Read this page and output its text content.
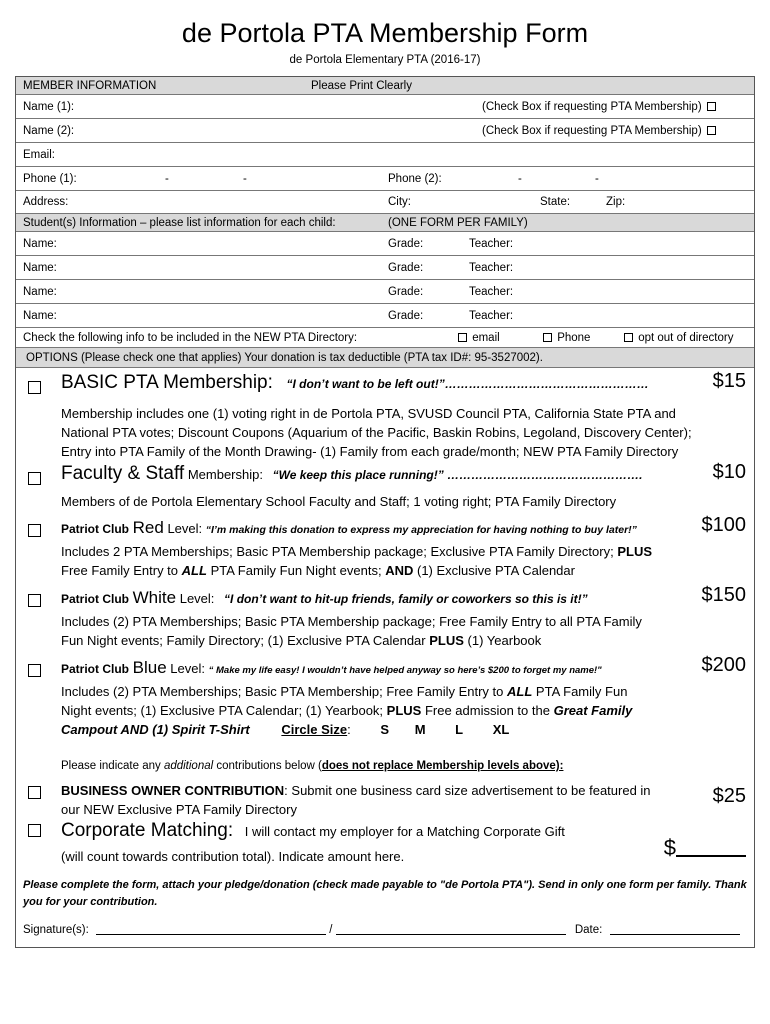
de Portola PTA Membership Form
de Portola Elementary PTA (2016-17)
MEMBER INFORMATION	Please Print Clearly
Name (1):	(Check Box if requesting PTA Membership)
Name (2):	(Check Box if requesting PTA Membership)
Email:
Phone (1):	-	-	Phone (2):	-	-
Address:	City:	State:	Zip:
Student(s) Information – please list information for each child:	(ONE FORM PER FAMILY)
Name:	Grade:	Teacher:
Name:	Grade:	Teacher:
Name:	Grade:	Teacher:
Name:	Grade:	Teacher:
Check the following info to be included in the NEW PTA Directory:	email	Phone	opt out of directory
OPTIONS (Please check one that applies) Your donation is tax deductible (PTA tax ID#: 95-3527002).
BASIC PTA Membership: “I don’t want to be left out!”……………………………………………	$15
Membership includes one (1) voting right in de Portola PTA, SVUSD Council PTA, California State PTA and
National PTA votes; Discount Coupons (Aquarium of the Pacific, Baskin Robins, Legoland, Discovery Center);
Entry into PTA Family of the Month Drawing- (1) Family from each grade/month; NEW PTA Family Directory
Faculty & Staff Membership: “We keep this place running!” ………………………………………….	$10
Members of de Portola Elementary School Faculty and Staff; 1 voting right; PTA Family Directory
Patriot Club Red Level: “I’m making this donation to express my appreciation for having nothing to buy later!”	$100
Includes 2 PTA Memberships; Basic PTA Membership package; Exclusive PTA Family Directory; PLUS
Free Family Entry to ALL PTA Family Fun Night events; AND (1) Exclusive PTA Calendar
Patriot Club White Level: “I don’t want to hit-up friends, family or coworkers so this is it!”	$150
Includes (2) PTA Memberships; Basic PTA Membership package; Free Family Entry to all PTA Family
Fun Night events; Family Directory; (1) Exclusive PTA Calendar PLUS (1) Yearbook
Patriot Club Blue Level: “ Make my life easy! I wouldn’t have helped anyway so here’s $200 to forget my name!"	$200
Includes (2) PTA Memberships; Basic PTA Membership; Free Family Entry to ALL PTA Family Fun
Night events; (1) Exclusive PTA Calendar; (1) Yearbook; PLUS Free admission to the Great Family
Campout AND (1) Spirit T-Shirt Circle Size: S M L XL
Please indicate any additional contributions below (does not replace Membership levels above):
BUSINESS OWNER CONTRIBUTION: Submit one business card size advertisement to be featured in
our NEW Exclusive PTA Family Directory
$25
Corporate Matching: I will contact my employer for a Matching Corporate Gift
(will count towards contribution total). Indicate amount here.	$
Please complete the form, attach your pledge/donation (check made payable to "de Portola PTA"). Send in only one form per family. Thank you for your contribution.
Signature(s):	/	Date:
